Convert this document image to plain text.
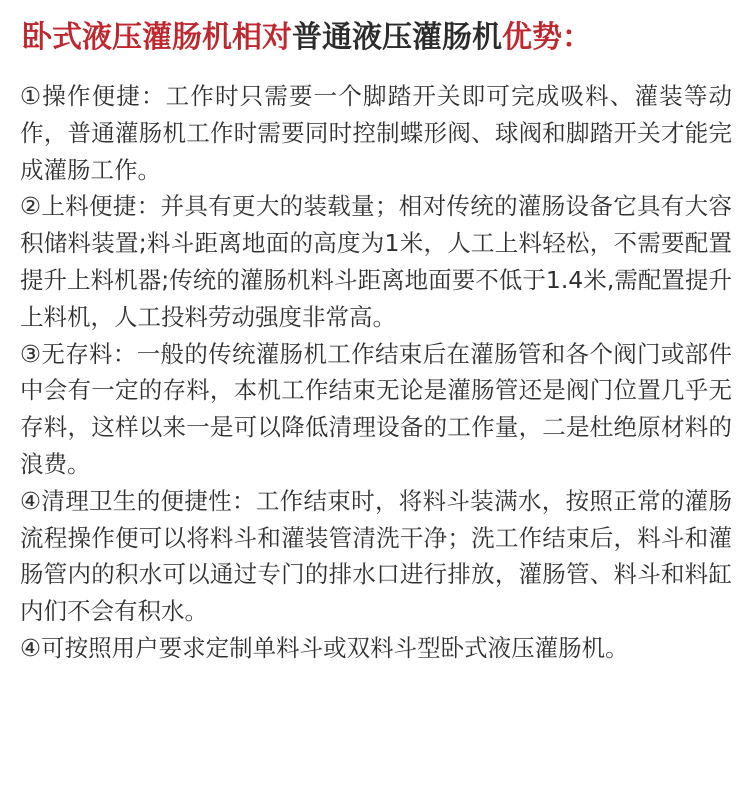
卧式液压灌肠机相对普通液压灌肠机优势：

①操作便捷：工作时只需要一个脚踏开关即可完成吸料、灌装等动作，普通灌肠机工作时需要同时控制蝶形阀、球阀和脚踏开关才能完成灌肠工作。

②上料便捷：并具有更大的装载量；相对传统的灌肠设备它具有大容积储料装置;料斗距离地面的高度为1米，人工上料轻松，不需要配置提升上料机器;传统的灌肠机料斗距离地面要不低于1.4米,需配置提升上料机，人工投料劳动强度非常高。

③无存料：一般的传统灌肠机工作结束后在灌肠管和各个阀门或部件中会有一定的存料，本机工作结束无论是灌肠管还是阀门位置几乎无存料，这样以来一是可以降低清理设备的工作量，二是杜绝原材料的浪费。

④清理卫生的便捷性：工作结束时，将料斗装满水，按照正常的灌肠流程操作便可以将料斗和灌装管清洗干净；洗工作结束后，料斗和灌肠管内的积水可以通过专门的排水口进行排放，灌肠管、料斗和料缸内们不会有积水。

④可按照用户要求定制单料斗或双料斗型卧式液压灌肠机。
